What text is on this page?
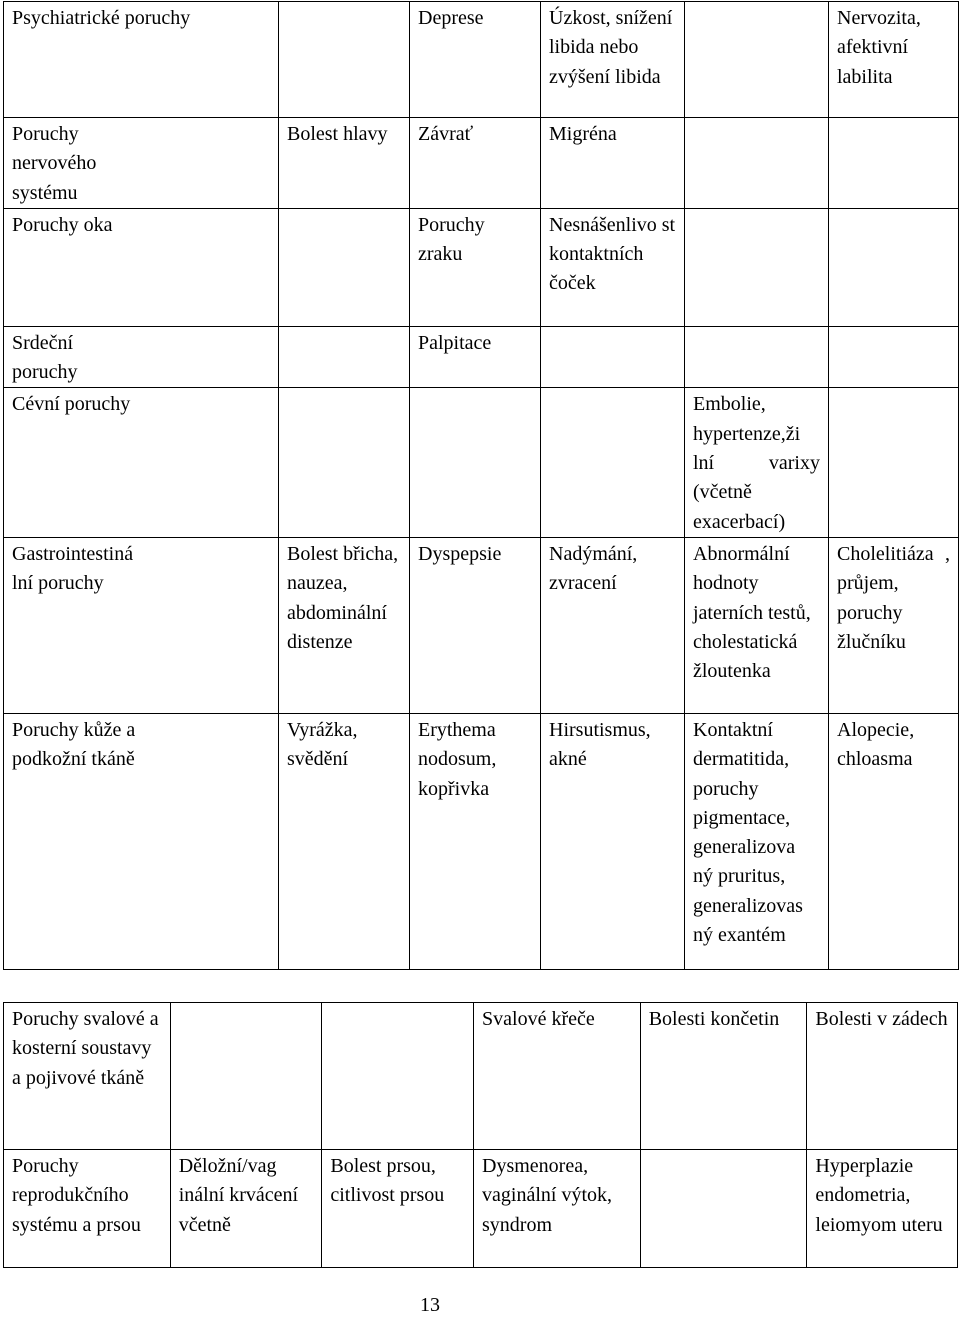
Psychiatrické poruchy		Deprese	Úzkost, snížení libida nebo zvýšení libida		Nervozita, afektivní labilita
Poruchy nervového systému	Bolest hlavy	Závrať	Migréna		
Poruchy oka		Poruchy zraku	Nesnášenlivo st kontaktních čoček		
Srdeční poruchy		Palpitace			
Cévní poruchy				Embolie, hypertenze,ži lní varixy (včetně exacerbací)	
Gastrointestiná lní poruchy	Bolest břicha, nauzea, abdominální distenze	Dyspepsie	Nadýmání, zvracení	Abnormální hodnoty jaterních testů, cholestatická žloutenka	Cholelitiáza , průjem, poruchy žlučníku
Poruchy kůže a podkožní tkáně	Vyrážka, svědění	Erythema nodosum, kopřivka	Hirsutismus, akné	Kontaktní dermatitida, poruchy pigmentace, generalizova ný pruritus, generalizovas ný exantém	Alopecie, chloasma
Poruchy svalové a kosterní soustavy a pojivové tkáně			Svalové křeče	Bolesti končetin	Bolesti v zádech
Poruchy reprodukčního systému a prsou	Děložní/vag inální krvácení včetně	Bolest prsou, citlivost prsou	Dysmenorea, vaginální výtok, syndrom		Hyperplazie endometria, leiomyom uteru
13
